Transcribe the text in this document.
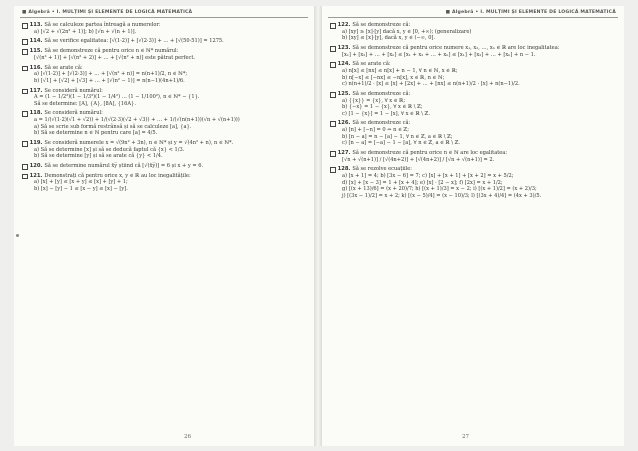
■ Algebră • I. MULȚIMI ȘI ELEMENTE DE LOGICĂ MATEMATICĂ
113. Să se calculeze partea întreagă a numerelor:
a) [√2 + √(2n² + 1)]; b) [√n + √(n + 1)].
114. Să se verifice egalitatea: [√(1·2)] + [√(2·3)] + … + [√(50·51)] = 1275.
115. Să se demonstreze că pentru orice n ∈ ℕ* numărul:
[√(n² + 1)] + [√(n² + 2)] + … + [√(n² + n)] este pătrat perfect.
116. Să se arate că:
a) [√(1·2)] + [√(2·3)] + … + [√(n² + n)] = n(n+1)/2, n ∈ ℕ*;
b) [√1] + [√2] + [√3] + … + [√(n² − 1)] = n(n−1)(4n+1)/6.
117. Se consideră numărul:
A = (1 − 1/2²)(1 − 1/3²)(1 − 1/4²) … (1 − 1/100²), n ∈ ℕ* − {1}.
Să se determine: [A], {A}, [8A], {16A}.
118. Se consideră numărul:
a = 1/(√(1·2)(√1 + √2)) + 1/(√(2·3)(√2 + √3)) + … + 1/(√(n(n+1))(√n + √(n+1)))
a) Să se scrie sub formă restrânsă și să se calculeze [a], {a}.
b) Să se determine n ∈ ℕ pentru care [a] = 4/5.
119. Se consideră numerele x = √(9n² + 3n), n ∈ ℕ* și y = √(4n² + n), n ∈ ℕ*.
a) Să se determine [x] și să se deducă faptul că {x} < 1/3.
b) Să se determine [y] și să se arate că {y} < 1/4.
120. Să se determine numărul x̄y̅ știind că [√(x̄y̅)] = 6 și x + y = 6.
121. Demonstrați că pentru orice x, y ∈ ℝ au loc inegalitățile:
a) [x] + [y] ≤ [x + y] ≤ [x] + [y] + 1;
b) [x] − [y] − 1 ≤ [x − y] ≤ [x] − [y].
26
■ Algebră • I. MULȚIMI ȘI ELEMENTE DE LOGICĂ MATEMATICĂ
122. Să se demonstreze că:
a) [xy] ≥ [x]·[y] dacă x, y ∈ [0, +∞); (generalizare)
b) [xy] ≤ [x]·[y], dacă x, y ∈ (−∞, 0].
123. Să se demonstreze că pentru orice numere x₁, x₂, …, xₙ ∈ ℝ are loc inegalitatea:
[x₁] + [x₂] + … + [xₙ] ≤ [x₁ + x₂ + … + xₙ] ≤ [x₁] + [x₂] + … + [xₙ] + n − 1.
124. Să se arate că:
a) n[x] ≤ [nx] ≤ n[x] + n − 1, ∀ n ∈ ℕ, x ∈ ℝ;
b) n[−x] ≤ [−nx] ≤ −n[x], x ∈ ℝ, n ∈ ℕ;
c) n(n+1)/2 · [x] ≤ [x] + [2x] + … + [nx] ≤ n(n+1)/2 · [x] + n(n−1)/2.
125. Să se demonstreze că:
a) {{x}} = {x}, ∀ x ∈ ℝ;
b) {−x} = 1 − {x}, ∀ x ∈ ℝ \ ℤ;
c) [1 − {x}] = 1 − [x], ∀ x ∈ ℝ \ ℤ.
126. Să se demonstreze că:
a) [n] + [−n] = 0 ⇔ n ∈ ℤ;
b) [n − a] = n − [a] − 1, ∀ n ∈ ℤ, a ∈ ℝ \ ℤ;
c) [n − a] = [−a] − 1 − [a], ∀ n ∈ ℤ, a ∈ ℝ \ ℤ.
127. Să se demonstreze că pentru orice n ∈ ℕ are loc egalitatea:
[√n + √(n+1)] / [√(4n+2)] + [√(4n+2)] / [√n + √(n+1)] = 2.
128. Să se rezolve ecuațiile:
a) [x + 1] = 4; b) [3x − 6] = 7; c) [x] + [x + 1] + [x + 2] = x + 5/2;
d) [x] + [x − 3] = 1 + [x + 4]; e) [x] · [2 − x]; f) [2x] = x + 1/2;
g) [(x + 13)/6] = (x + 20)/7; h) [(x + 1)/3] = x − 2; i) [(x + 1)/2] = (x + 2)/3;
j) [(3x − 1)/2] = x + 2; k) [(x − 5)/4] = (x − 10)/3; l) [(3x + 4)/4] = (4x + 3)/5.
27
